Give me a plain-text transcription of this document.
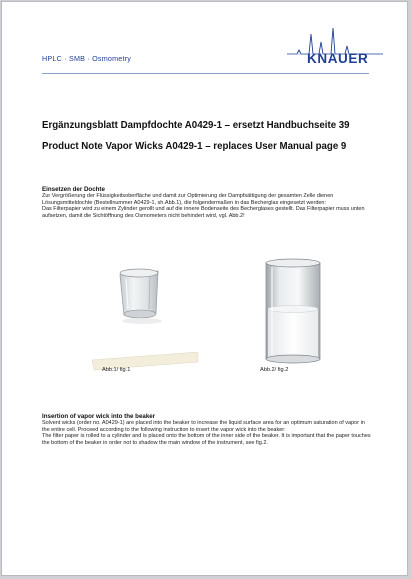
HPLC · SMB · Osmometry	KNAUER
Ergänzungsblatt Dampfdochte A0429-1 – ersetzt Handbuchseite 39
Product Note Vapor Wicks A0429-1 – replaces User Manual page 9
Einsetzen der Dochte

Zur Vergrößerung der Flüssigkeitsoberfläche und damit zur Optimierung der Dampfsättigung der gesamten Zelle dienen Lösungsmitteldochte (Bestellnummer A0429-1, sh.Abb.1), die folgendermaßen in das Becherglas eingesetzt werden:

Das Filterpapier wird zu einem Zylinder gerollt und auf die innere Bodenseite des Becherglases gestellt. Das Filterpapier muss unten aufsetzen, damit die Sichtöffnung des Osmometers nicht behindert wird, vgl. Abb.2!

Abb.1/ fig.1	Abb.2/ fig.2
Insertion of vapor wick into the beaker

Solvent wicks (order no. A0429-1) are placed into the beaker to increase the liquid surface area for an optimum saturation of vapor in the entire cell. Proceed according to the following instruction to insert the vapor wick into the beaker:

The filter paper is rolled to a cylinder and is placed onto the bottom of the inner side of the beaker. It is important that the paper touches the bottom of the beaker in order not to shadow the main window of the instrument, see fig.2.
